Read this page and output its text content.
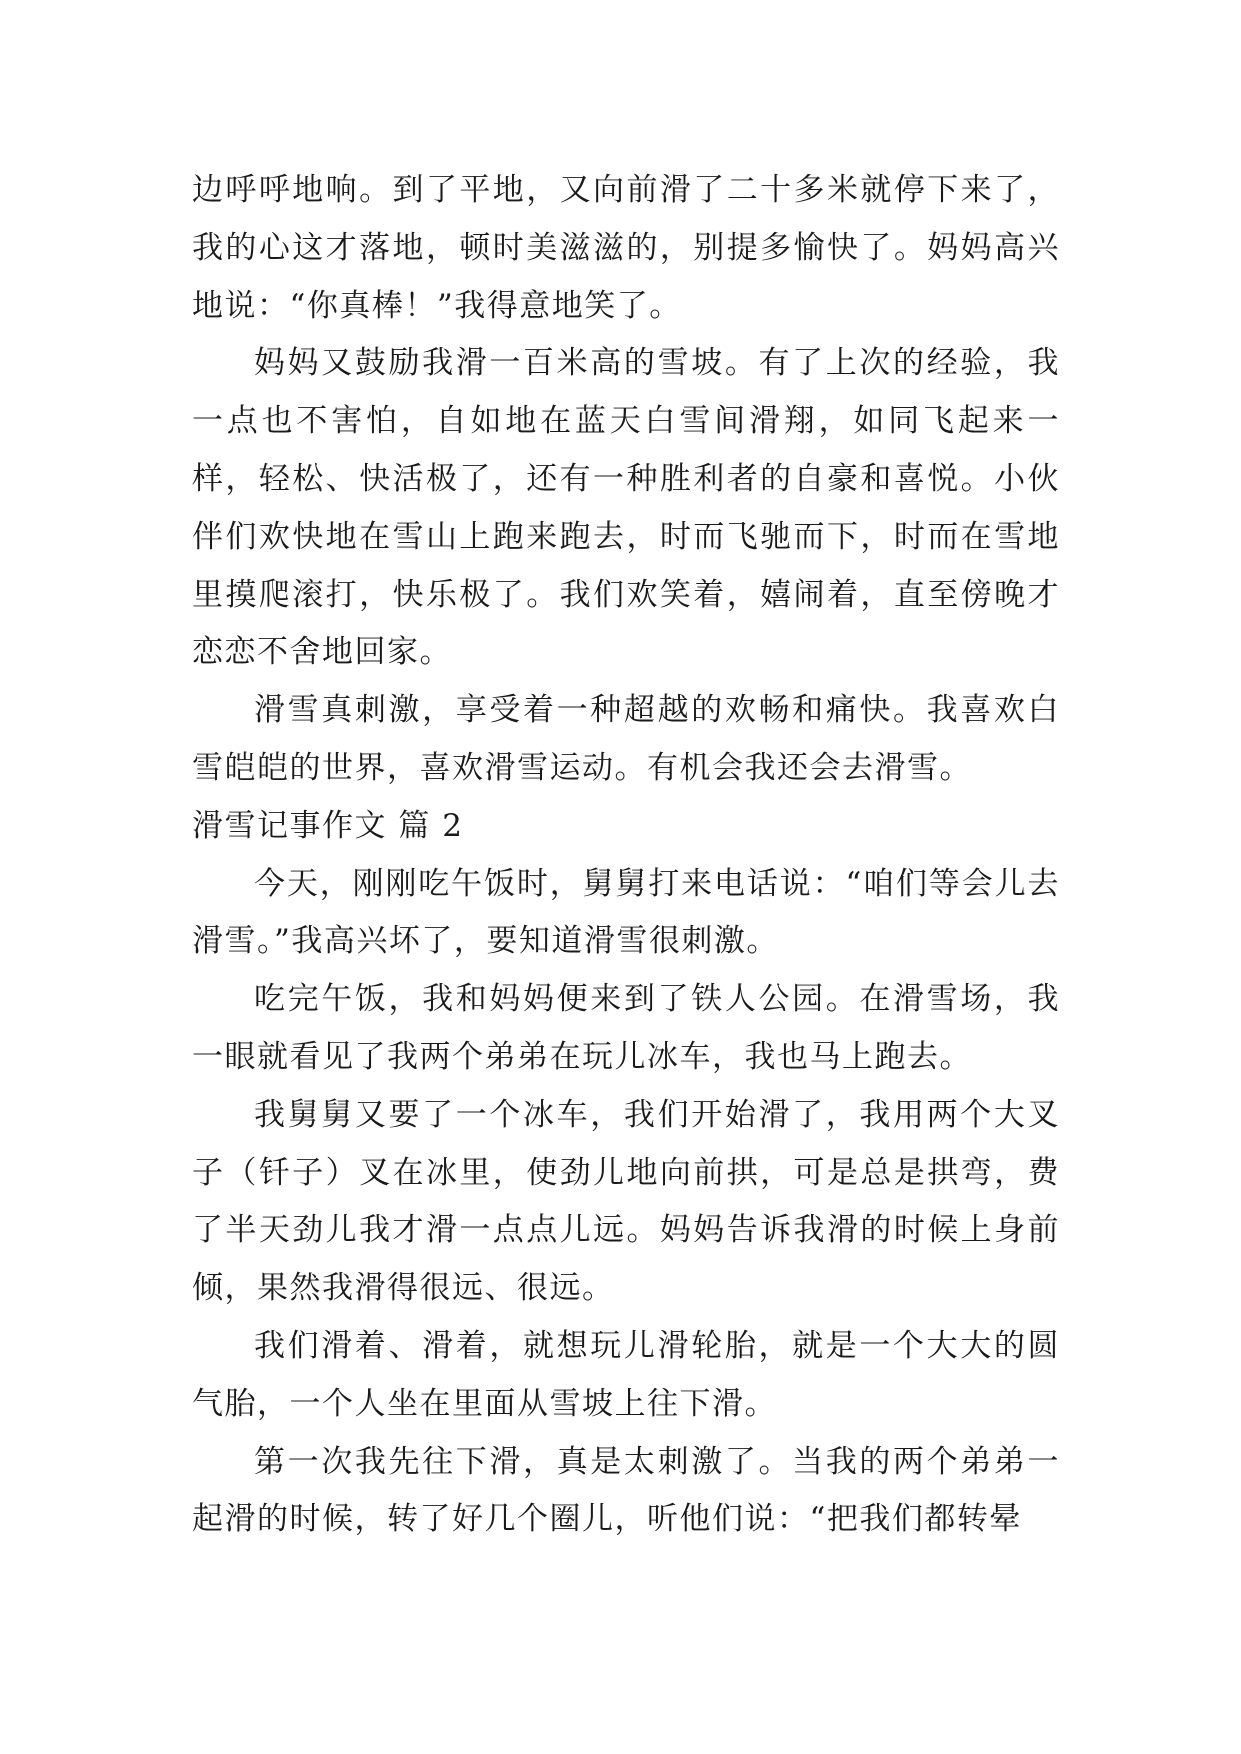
边呼呼地响。到了平地，又向前滑了二十多米就停下来了，我的心这才落地，顿时美滋滋的，别提多愉快了。妈妈高兴地说：“你真棒！”我得意地笑了。

妈妈又鼓励我滑一百米高的雪坡。有了上次的经验，我一点也不害怕，自如地在蓝天白雪间滑翔，如同飞起来一样，轻松、快活极了，还有一种胜利者的自豪和喜悦。小伙伴们欢快地在雪山上跑来跑去，时而飞驰而下，时而在雪地里摸爬滚打，快乐极了。我们欢笑着，嬉闹着，直至傍晚才恋恋不舍地回家。

滑雪真刺激，享受着一种超越的欢畅和痛快。我喜欢白雪皑皑的世界，喜欢滑雪运动。有机会我还会去滑雪。

滑雪记事作文 篇 2

今天，刚刚吃午饭时，舅舅打来电话说：“咱们等会儿去滑雪。”我高兴坏了，要知道滑雪很刺激。

吃完午饭，我和妈妈便来到了铁人公园。在滑雪场，我一眼就看见了我两个弟弟在玩儿冰车，我也马上跑去。

我舅舅又要了一个冰车，我们开始滑了，我用两个大叉子（钎子）叉在冰里，使劲儿地向前拱，可是总是拱弯，费了半天劲儿我才滑一点点儿远。妈妈告诉我滑的时候上身前倾，果然我滑得很远、很远。

我们滑着、滑着，就想玩儿滑轮胎，就是一个大大的圆气胎，一个人坐在里面从雪坡上往下滑。

第一次我先往下滑，真是太刺激了。当我的两个弟弟一起滑的时候，转了好几个圈儿，听他们说：“把我们都转晕
